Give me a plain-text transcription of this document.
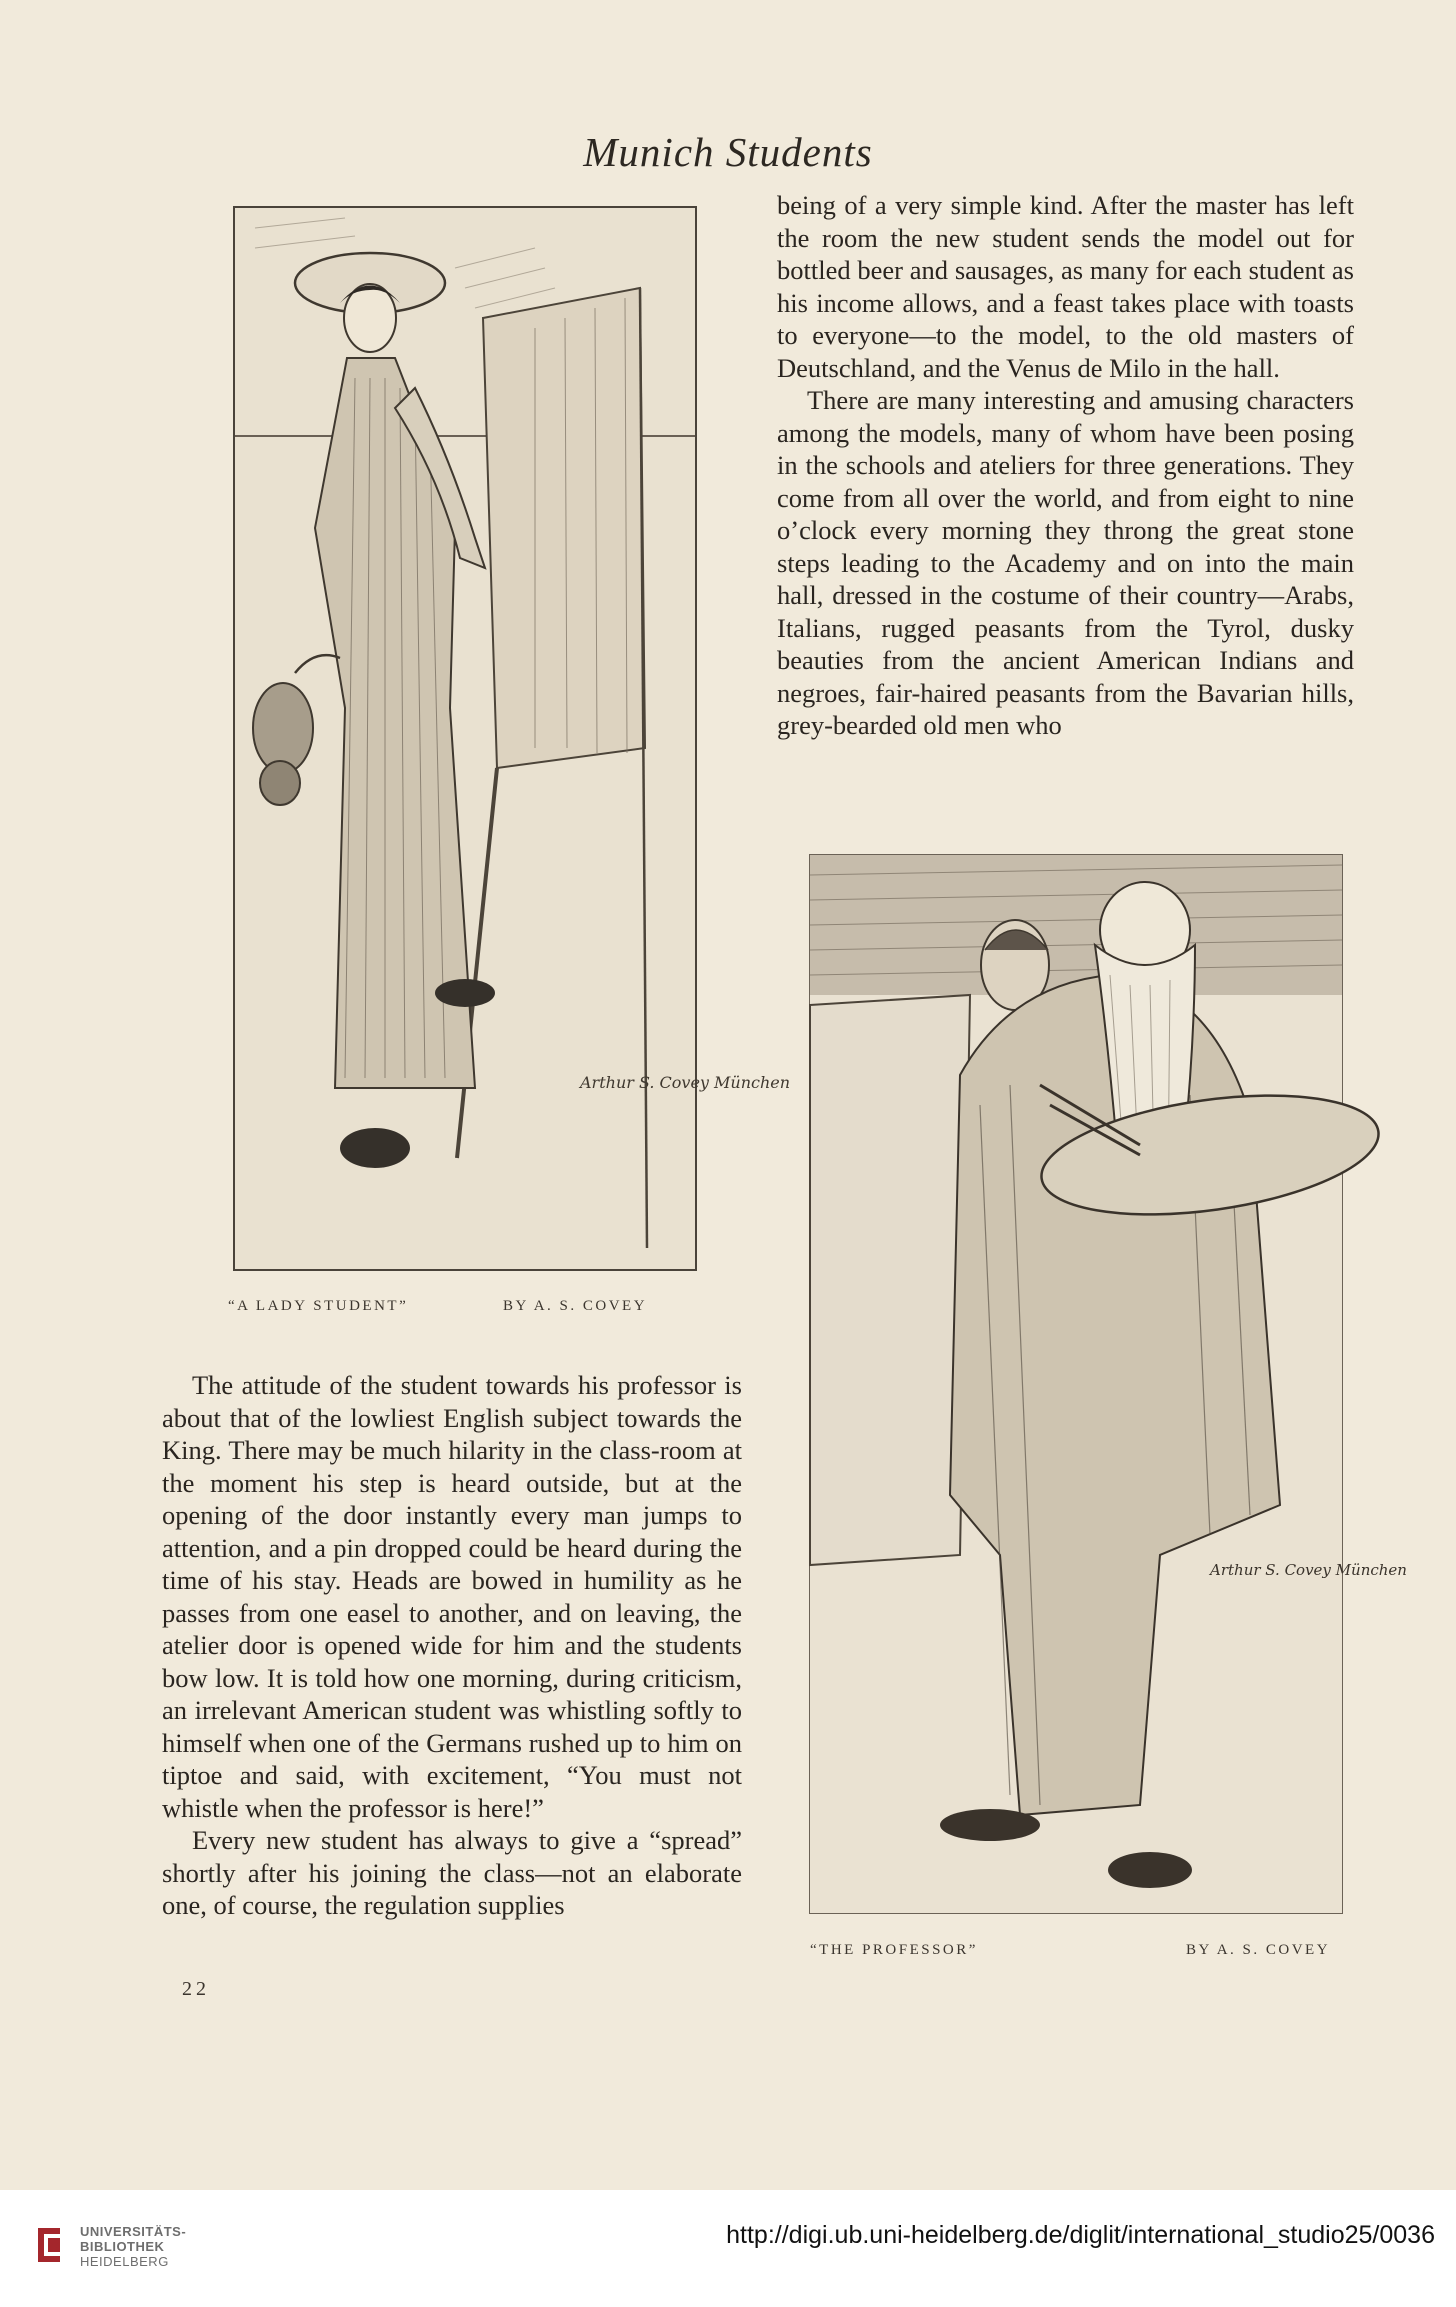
Munich Students
Arthur S. Covey München
“A LADY STUDENT”	BY A. S. COVEY

being of a very simple kind. After the master has left the room the new student sends the model out for bottled beer and sausages, as many for each student as his income allows, and a feast takes place with toasts to everyone—to the model, to the old masters of Deutschland, and the Venus de Milo in the hall.

There are many interesting and amusing characters among the models, many of whom have been posing in the schools and ateliers for three generations. They come from all over the world, and from eight to nine o’clock every morning they throng the great stone steps leading to the Academy and on into the main hall, dressed in the costume of their country—Arabs, Italians, rugged peasants from the Tyrol, dusky beauties from the ancient American Indians and negroes, fair-haired peasants from the Bavarian hills, grey-bearded old men who

Arthur S. Covey München
“THE PROFESSOR”	BY A. S. COVEY

The attitude of the student towards his professor is about that of the lowliest English subject towards the King. There may be much hilarity in the class-room at the moment his step is heard outside, but at the opening of the door instantly every man jumps to attention, and a pin dropped could be heard during the time of his stay. Heads are bowed in humility as he passes from one easel to another, and on leaving, the atelier door is opened wide for him and the students bow low. It is told how one morning, during criticism, an irrelevant American student was whistling softly to himself when one of the Germans rushed up to him on tiptoe and said, with excitement, “You must not whistle when the professor is here!”

Every new student has always to give a “spread” shortly after his joining the class—not an elaborate one, of course, the regulation supplies

22
UNIVERSITÄTS-
BIBLIOTHEK
HEIDELBERG
http://digi.ub.uni-heidelberg.de/diglit/international_studio25/0036
